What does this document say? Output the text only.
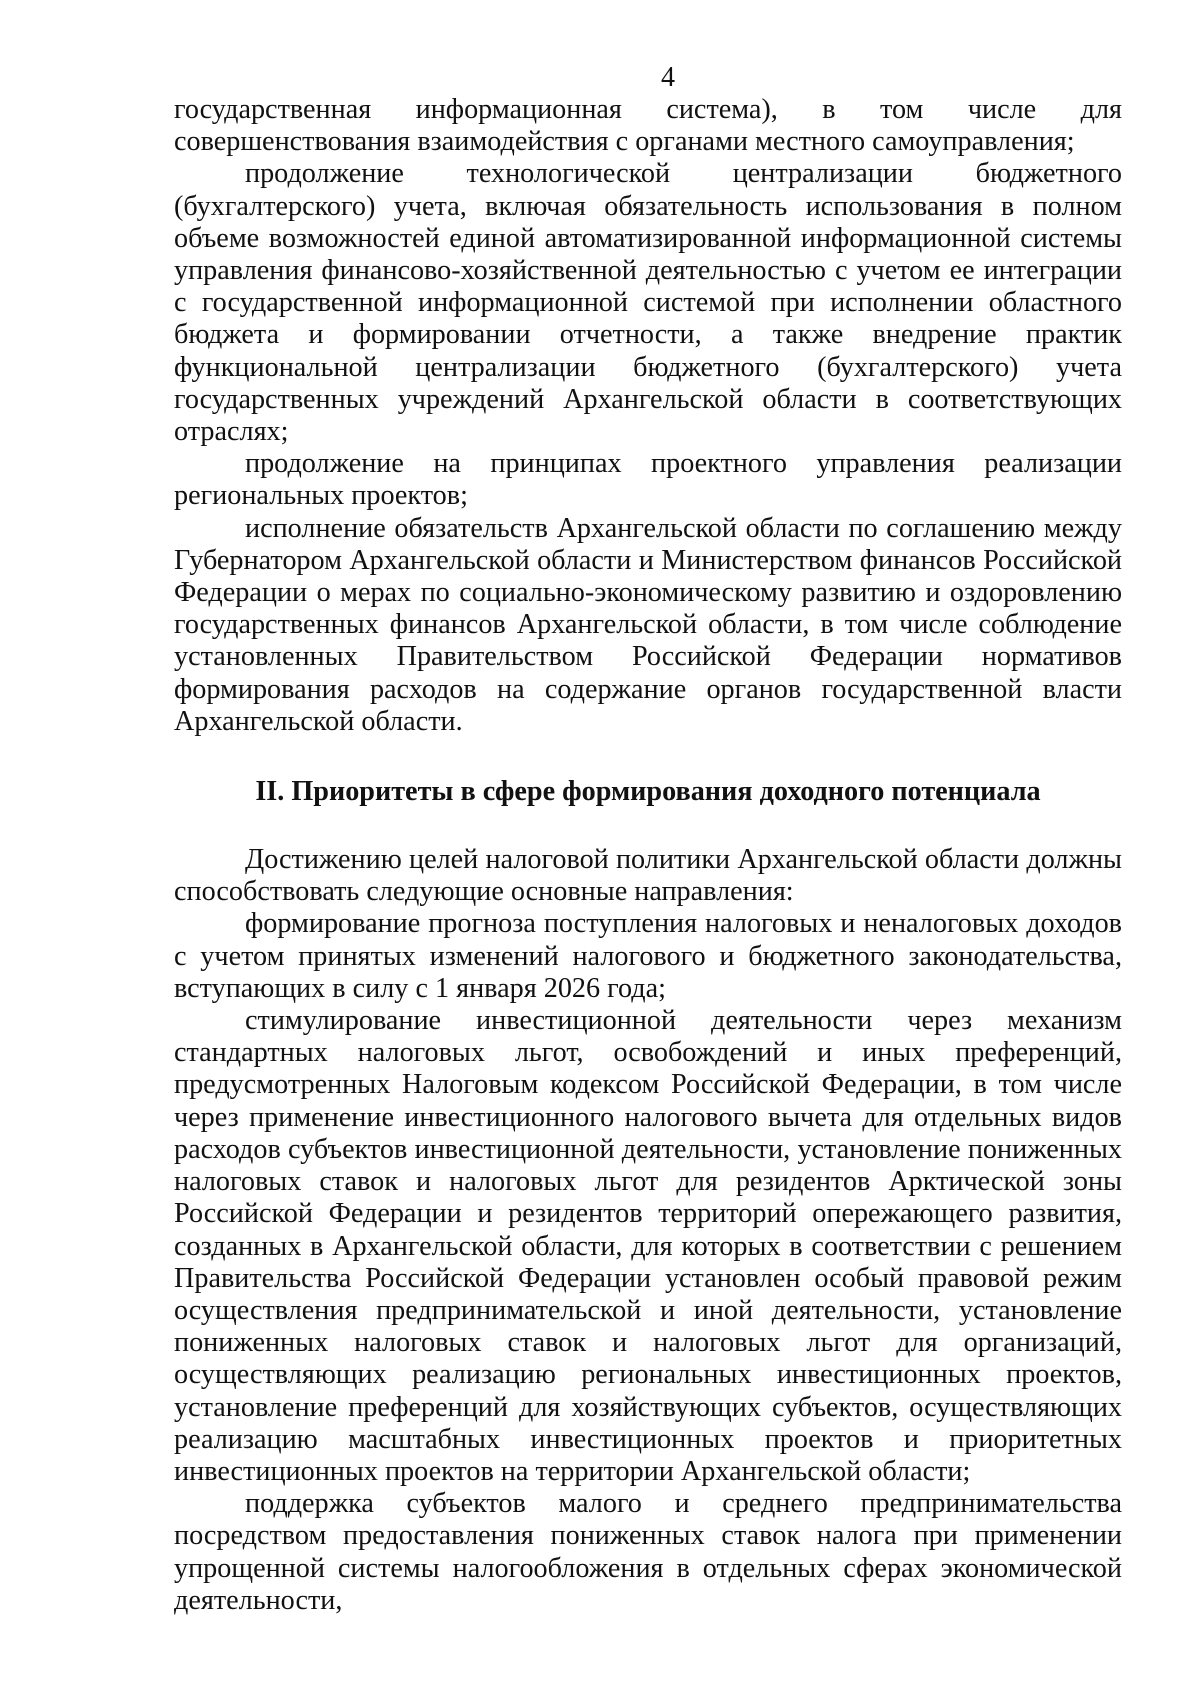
4

государственная информационная система), в том числе для совершенствования взаимодействия с органами местного самоуправления;

продолжение технологической централизации бюджетного (бухгалтерского) учета, включая обязательность использования в полном объеме возможностей единой автоматизированной информационной системы управления финансово-хозяйственной деятельностью с учетом ее интеграции с государственной информационной системой при исполнении областного бюджета и формировании отчетности, а также внедрение практик функциональной централизации бюджетного (бухгалтерского) учета государственных учреждений Архангельской области в соответствующих отраслях;

продолжение на принципах проектного управления реализации региональных проектов;

исполнение обязательств Архангельской области по соглашению между Губернатором Архангельской области и Министерством финансов Российской Федерации о мерах по социально-экономическому развитию и оздоровлению государственных финансов Архангельской области, в том числе соблюдение установленных Правительством Российской Федерации нормативов формирования расходов на содержание органов государственной власти Архангельской области.

II. Приоритеты в сфере формирования доходного потенциала

Достижению целей налоговой политики Архангельской области должны способствовать следующие основные направления:

формирование прогноза поступления налоговых и неналоговых доходов с учетом принятых изменений налогового и бюджетного законодательства, вступающих в силу с 1 января 2026 года;

стимулирование инвестиционной деятельности через механизм стандартных налоговых льгот, освобождений и иных преференций, предусмотренных Налоговым кодексом Российской Федерации, в том числе через применение инвестиционного налогового вычета для отдельных видов расходов субъектов инвестиционной деятельности, установление пониженных налоговых ставок и налоговых льгот для резидентов Арктической зоны Российской Федерации и резидентов территорий опережающего развития, созданных в Архангельской области, для которых в соответствии с решением Правительства Российской Федерации установлен особый правовой режим осуществления предпринимательской и иной деятельности, установление пониженных налоговых ставок и налоговых льгот для организаций, осуществляющих реализацию региональных инвестиционных проектов, установление преференций для хозяйствующих субъектов, осуществляющих реализацию масштабных инвестиционных проектов и приоритетных инвестиционных проектов на территории Архангельской области;

поддержка субъектов малого и среднего предпринимательства посредством предоставления пониженных ставок налога при применении упрощенной системы налогообложения в отдельных сферах экономической деятельности,
